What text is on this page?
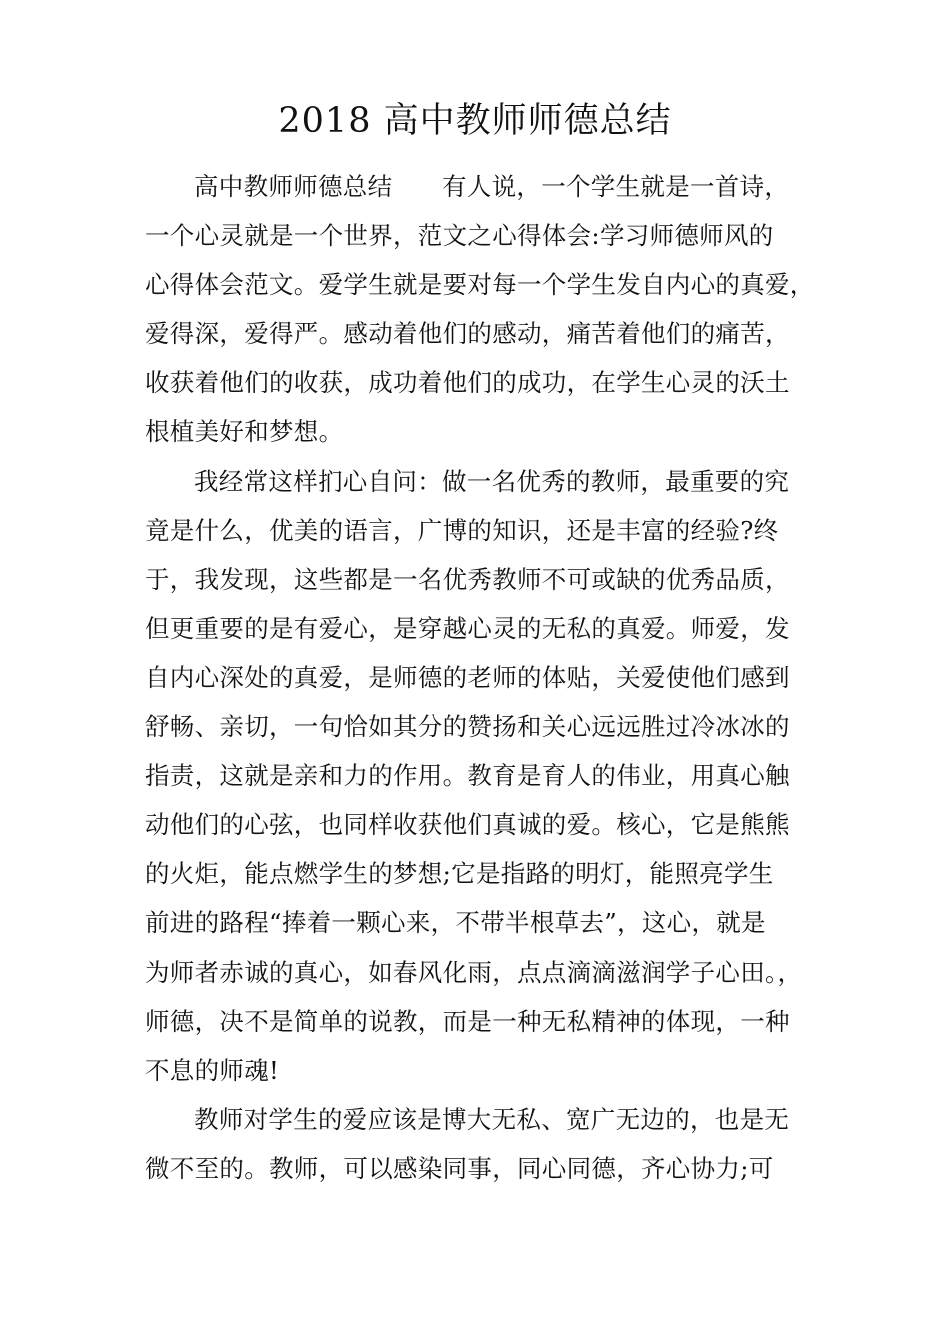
2018 高中教师师德总结
高中教师师德总结　　有人说，一个学生就是一首诗，
一个心灵就是一个世界，范文之心得体会:学习师德师风的
心得体会范文。爱学生就是要对每一个学生发自内心的真爱，
爱得深，爱得严。感动着他们的感动，痛苦着他们的痛苦，
收获着他们的收获，成功着他们的成功，在学生心灵的沃土
根植美好和梦想。
我经常这样扪心自问：做一名优秀的教师，最重要的究
竟是什么，优美的语言，广博的知识，还是丰富的经验?终
于，我发现，这些都是一名优秀教师不可或缺的优秀品质，
但更重要的是有爱心，是穿越心灵的无私的真爱。师爱，发
自内心深处的真爱，是师德的老师的体贴，关爱使他们感到
舒畅、亲切，一句恰如其分的赞扬和关心远远胜过冷冰冰的
指责，这就是亲和力的作用。教育是育人的伟业，用真心触
动他们的心弦，也同样收获他们真诚的爱。核心，它是熊熊
的火炬，能点燃学生的梦想;它是指路的明灯，能照亮学生
前进的路程“捧着一颗心来，不带半根草去”，这心，就是
为师者赤诚的真心，如春风化雨，点点滴滴滋润学子心田。，
师德，决不是简单的说教，而是一种无私精神的体现，一种
不息的师魂!
教师对学生的爱应该是博大无私、宽广无边的，也是无
微不至的。教师，可以感染同事，同心同德，齐心协力;可
